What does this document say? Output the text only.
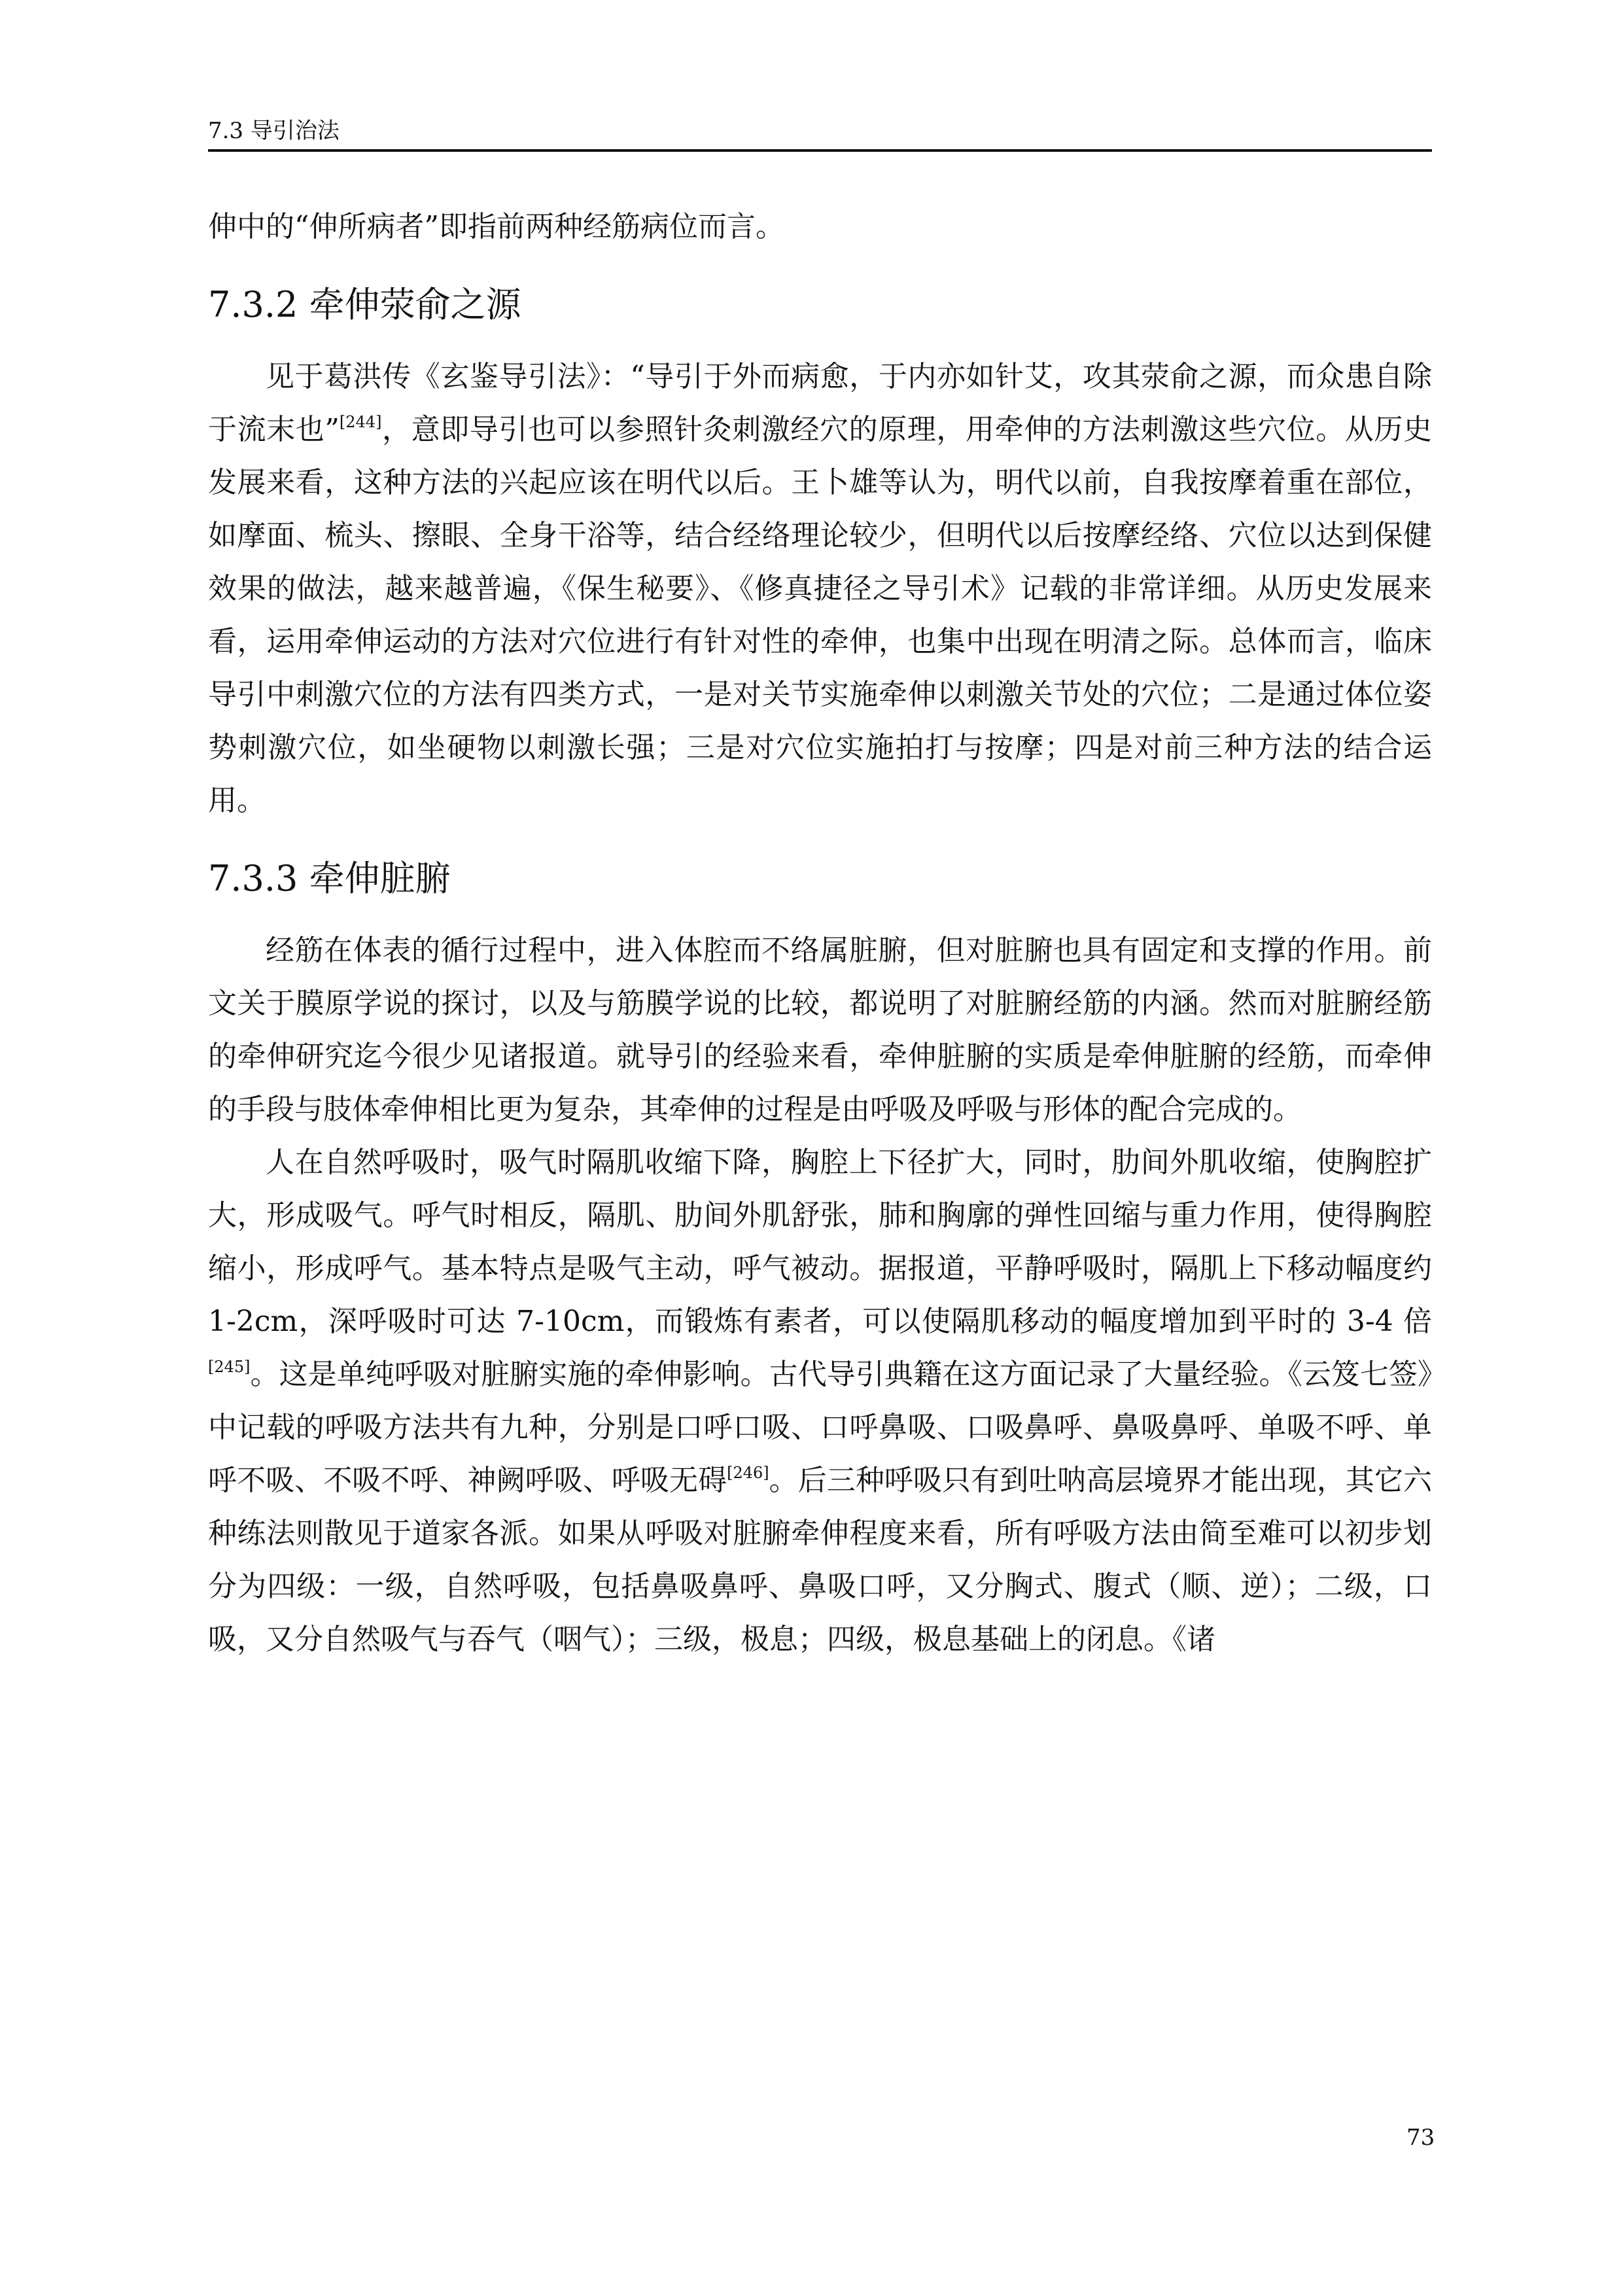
7.3 导引治法

伸中的“伸所病者”即指前两种经筋病位而言。

7.3.2 牵伸荥俞之源

见于葛洪传《玄鉴导引法》：“导引于外而病愈，于内亦如针艾，攻其荥俞之源，而众患自除于流末也”[244]，意即导引也可以参照针灸刺激经穴的原理，用牵伸的方法刺激这些穴位。从历史发展来看，这种方法的兴起应该在明代以后。王卜雄等认为，明代以前，自我按摩着重在部位，如摩面、梳头、擦眼、全身干浴等，结合经络理论较少，但明代以后按摩经络、穴位以达到保健效果的做法，越来越普遍，《保生秘要》、《修真捷径之导引术》记载的非常详细。从历史发展来看，运用牵伸运动的方法对穴位进行有针对性的牵伸，也集中出现在明清之际。总体而言，临床导引中刺激穴位的方法有四类方式，一是对关节实施牵伸以刺激关节处的穴位；二是通过体位姿势刺激穴位，如坐硬物以刺激长强；三是对穴位实施拍打与按摩；四是对前三种方法的结合运用。

7.3.3 牵伸脏腑

经筋在体表的循行过程中，进入体腔而不络属脏腑，但对脏腑也具有固定和支撑的作用。前文关于膜原学说的探讨，以及与筋膜学说的比较，都说明了对脏腑经筋的内涵。然而对脏腑经筋的牵伸研究迄今很少见诸报道。就导引的经验来看，牵伸脏腑的实质是牵伸脏腑的经筋，而牵伸的手段与肢体牵伸相比更为复杂，其牵伸的过程是由呼吸及呼吸与形体的配合完成的。

人在自然呼吸时，吸气时隔肌收缩下降，胸腔上下径扩大，同时，肋间外肌收缩，使胸腔扩大，形成吸气。呼气时相反，隔肌、肋间外肌舒张，肺和胸廓的弹性回缩与重力作用，使得胸腔缩小，形成呼气。基本特点是吸气主动，呼气被动。据报道，平静呼吸时，隔肌上下移动幅度约 1-2cm，深呼吸时可达 7-10cm，而锻炼有素者，可以使隔肌移动的幅度增加到平时的 3-4 倍[245]。这是单纯呼吸对脏腑实施的牵伸影响。古代导引典籍在这方面记录了大量经验。《云笈七签》中记载的呼吸方法共有九种，分别是口呼口吸、口呼鼻吸、口吸鼻呼、鼻吸鼻呼、单吸不呼、单呼不吸、不吸不呼、神阙呼吸、呼吸无碍[246]。后三种呼吸只有到吐呐高层境界才能出现，其它六种练法则散见于道家各派。如果从呼吸对脏腑牵伸程度来看，所有呼吸方法由简至难可以初步划分为四级：一级，自然呼吸，包括鼻吸鼻呼、鼻吸口呼，又分胸式、腹式（顺、逆）；二级，口吸，又分自然吸气与吞气（咽气）；三级，极息；四级，极息基础上的闭息。《诸

73
